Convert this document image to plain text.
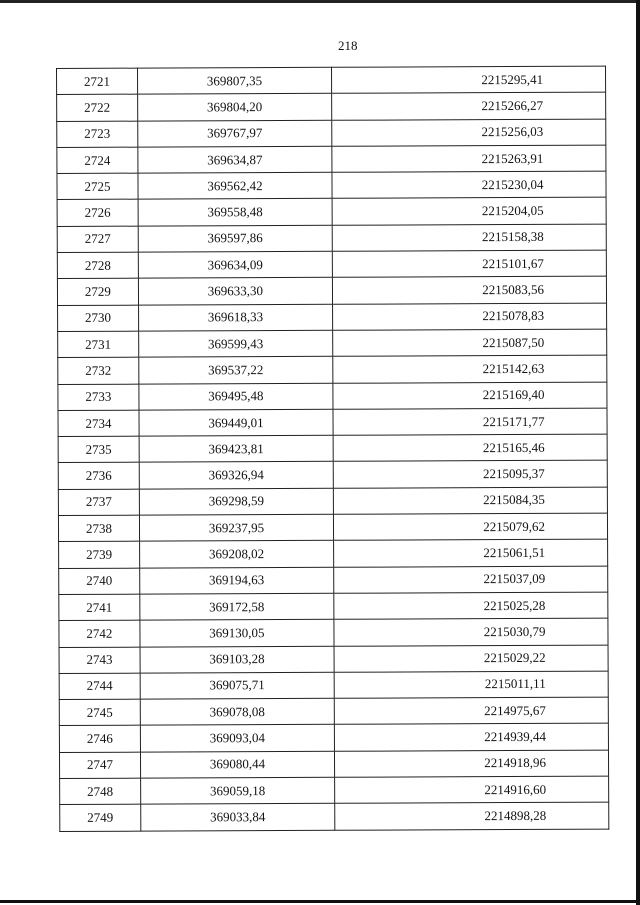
218
2721	369807,35	2215295,41
2722	369804,20	2215266,27
2723	369767,97	2215256,03
2724	369634,87	2215263,91
2725	369562,42	2215230,04
2726	369558,48	2215204,05
2727	369597,86	2215158,38
2728	369634,09	2215101,67
2729	369633,30	2215083,56
2730	369618,33	2215078,83
2731	369599,43	2215087,50
2732	369537,22	2215142,63
2733	369495,48	2215169,40
2734	369449,01	2215171,77
2735	369423,81	2215165,46
2736	369326,94	2215095,37
2737	369298,59	2215084,35
2738	369237,95	2215079,62
2739	369208,02	2215061,51
2740	369194,63	2215037,09
2741	369172,58	2215025,28
2742	369130,05	2215030,79
2743	369103,28	2215029,22
2744	369075,71	2215011,11
2745	369078,08	2214975,67
2746	369093,04	2214939,44
2747	369080,44	2214918,96
2748	369059,18	2214916,60
2749	369033,84	2214898,28
